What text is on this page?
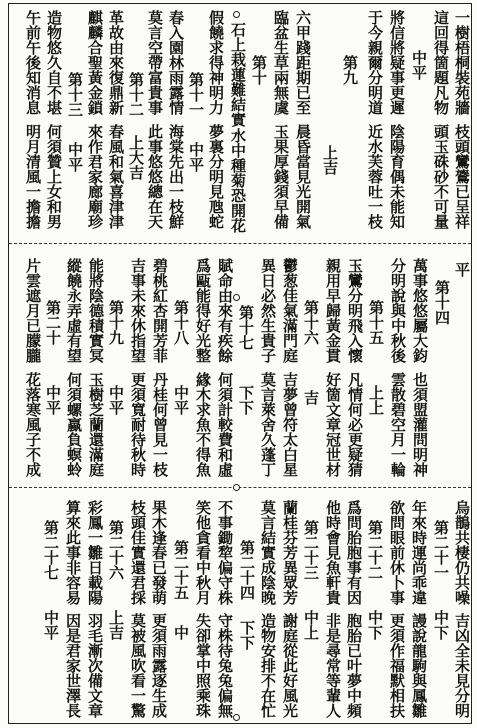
一樹梧桐裝苑牆
枝頭鸞鷟已呈祥
這回得箇題凡物
頭玉硃砂不可量
中平
將信將疑事更遲
陰陽育偶未能知
于今親爾分明道
近水芙蓉吐一枝
第九
上吉
六甲踐距期已至
晨昏當見光開氣
臨盆生草兩無虞
玉果厚錢須早備
第十
石上栽蓮難結實
水中種菊恐開花
假饒求得神明力
夢裏分明見虺蛇
第十一
中平
春入園林雨露情
海棠先出一枝鮮
莫言空帶富貴事
此事悠悠總在天
第十二
上大吉
革故由來復鼎新
春風和氣喜津津
麒麟合聖黃金鎖
來作君家廊廟珍
第十三
中平
造物悠久自不堪
何須贊上女和男
午前午後知消息
明月清風一擔擔
平
第十四
萬事悠悠屬大鈞
也須盟灌問明神
分明說與中秋後
雲散碧空月一輪
第十五
上上
玉鸞分明飛入懷
凡情何必更疑猜
親用早歸黃金貫
好箇文章冠世材
第十六
吉
鬱葱佳氣滿門庭
吉夢曾符太白星
異日必然生貴子
莫言萊舍久蓬丁
第十七
下下
賦命由來有疾餘
何須計較費和虛
爲甌能得好光整
緣木求魚不得魚
第十八
中平
碧桃紅杏開芳菲
丹桂何曾見一枝
吉事未來休指望
更須寬耐待秋時
第十九
中平
能將陰德積實冥
玉樹芝蘭還滿庭
縱饒永弄虛有望
何須螺蠃負螟蛉
第二十
中平
片雲遮月已朦朧
花落寒風子不成
烏鵲共棲仍共噪
吉凶全未見分明
第二十一
中下
年來時運尚乖違
謾說龍駒與鳳雛
欲問眼前休卜事
更須作福默相扶
第二十二
中下
爲問胎胞事有因
胞胎已叶夢中頻
他時會見魚軒貴
非是尋常等輩人
第二十三
中上
蘭桂芬芳異眾芳
謝庭從此好風光
莫言結實成陰晚
造物安排不在忙
第二十四
下下
不事鋤犂偏守株
守株待兔兔偏無
笑他貪看中秋月
失卻掌中照乘珠
第二十五
中
果木逢春已發萌
更須雨露逐生成
枝頭佳實還君採
莫被風吹看一驚
第二十六
上吉
彩鳳一雛日載陽
羽毛漸次備文章
算來此事非容易
因是君家世澤長
第二十七
中平
